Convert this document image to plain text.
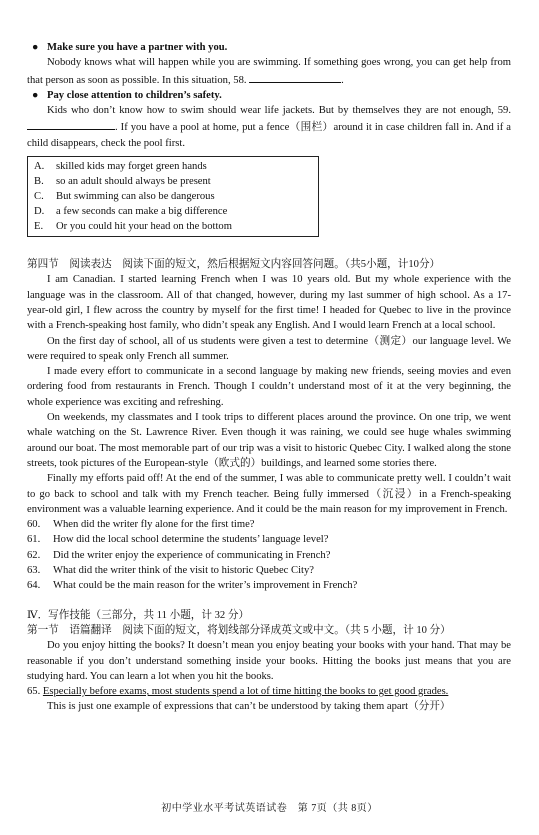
● Make sure you have a partner with you.

Nobody knows what will happen while you are swimming. If something goes wrong, you can get help from that person as soon as possible. In this situation, 58.	.

● Pay close attention to children’s safety.

Kids who don’t know how to swim should wear life jackets. But by themselves they are not enough, 59. . If you have a pool at home, put a fence（围栏）around it in case children fall in. And if a child disappears, check the pool first.

A. skilled kids may forget green hands
B. so an adult should always be present
C. But swimming can also be dangerous
D. a few seconds can make a big difference
E. Or you could hit your head on the bottom
第四节　阅读表达　阅读下面的短文，然后根据短文内容回答问题。（共5小题，计10分）

I am Canadian. I started learning French when I was 10 years old. But my whole experience with the language was in the classroom. All of that changed, however, during my last summer of high school. As a 17-year-old girl, I flew across the country by myself for the first time! I headed for Quebec to live in the province with a French-speaking host family, who didn’t speak any English. And I would learn French at a local school.

On the first day of school, all of us students were given a test to determine（测定）our language level. We were required to speak only French all summer.

I made every effort to communicate in a second language by making new friends, seeing movies and even ordering food from restaurants in French. Though I couldn’t understand most of it at the very beginning, the whole experience was exciting and refreshing.

On weekends, my classmates and I took trips to different places around the province. On one trip, we went whale watching on the St. Lawrence River. Even though it was raining, we could see huge whales swimming around our boat. The most memorable part of our trip was a visit to historic Quebec City. I walked along the stone streets, took pictures of the European-style（欧式的）buildings, and learned some stories there.

Finally my efforts paid off! At the end of the summer, I was able to communicate pretty well. I couldn’t wait to go back to school and talk with my French teacher. Being fully immersed（沉浸）in a French-speaking environment was a valuable learning experience. And it could be the main reason for my improvement in French.

60. When did the writer fly alone for the first time?
61. How did the local school determine the students’ language level?
62. Did the writer enjoy the experience of communicating in French?
63. What did the writer think of the visit to historic Quebec City?
64. What could be the main reason for the writer’s improvement in French?
Ⅳ．写作技能（三部分，共 11 小题，计 32 分）
第一节　语篇翻译　阅读下面的短文，将划线部分译成英文或中文。（共 5 小题，计 10 分）

Do you enjoy hitting the books? It doesn’t mean you enjoy beating your books with your hand. That may be reasonable if you don’t understand something inside your books. Hitting the books just means that you are studying hard. You can learn a lot when you hit the books.

65. Especially before exams, most students spend a lot of time hitting the books to get good grades.

This is just one example of expressions that can’t be understood by taking them apart（分开）

初中学业水平考试英语试卷　第 7页（共 8页）
